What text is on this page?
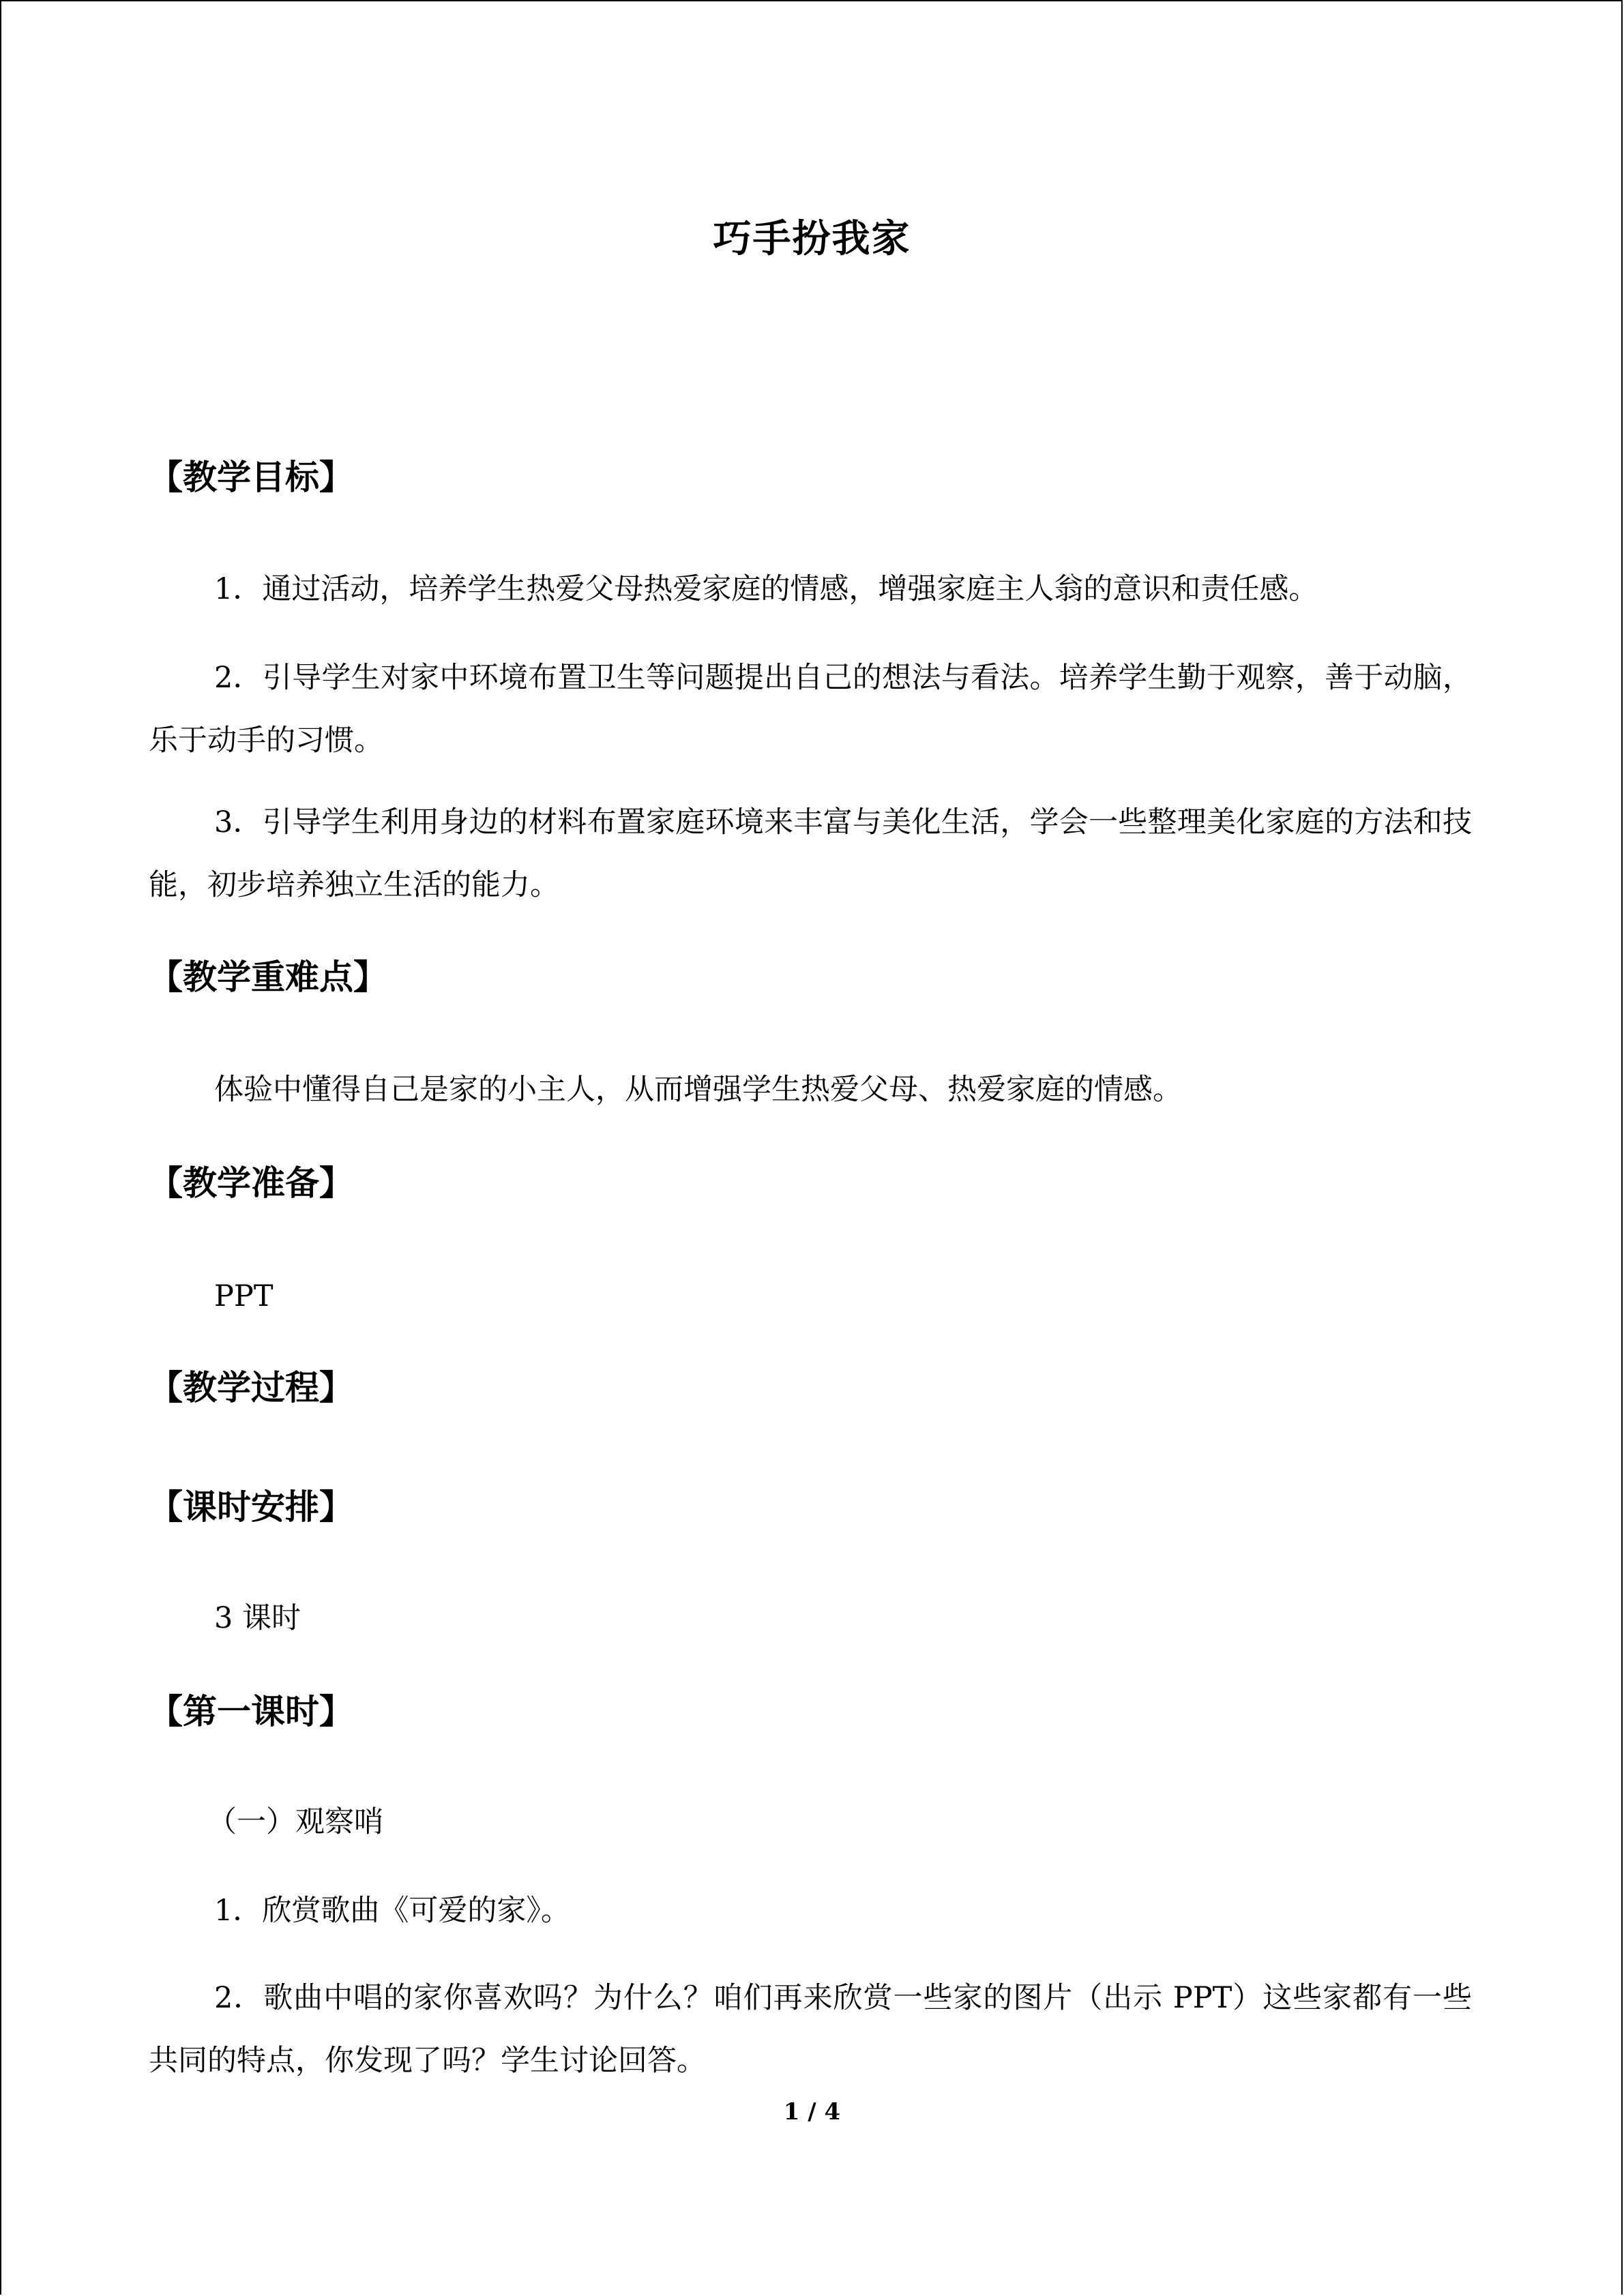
巧手扮我家
【教学目标】
1．通过活动，培养学生热爱父母热爱家庭的情感，增强家庭主人翁的意识和责任感。
2．引导学生对家中环境布置卫生等问题提出自己的想法与看法。培养学生勤于观察，善于动脑，乐于动手的习惯。
3．引导学生利用身边的材料布置家庭环境来丰富与美化生活，学会一些整理美化家庭的方法和技能，初步培养独立生活的能力。
【教学重难点】
体验中懂得自己是家的小主人，从而增强学生热爱父母、热爱家庭的情感。
【教学准备】
PPT
【教学过程】
【课时安排】
3 课时
【第一课时】
（一）观察哨
1．欣赏歌曲《可爱的家》。
2．歌曲中唱的家你喜欢吗？为什么？咱们再来欣赏一些家的图片（出示 PPT）这些家都有一些共同的特点，你发现了吗？学生讨论回答。
1 / 4
